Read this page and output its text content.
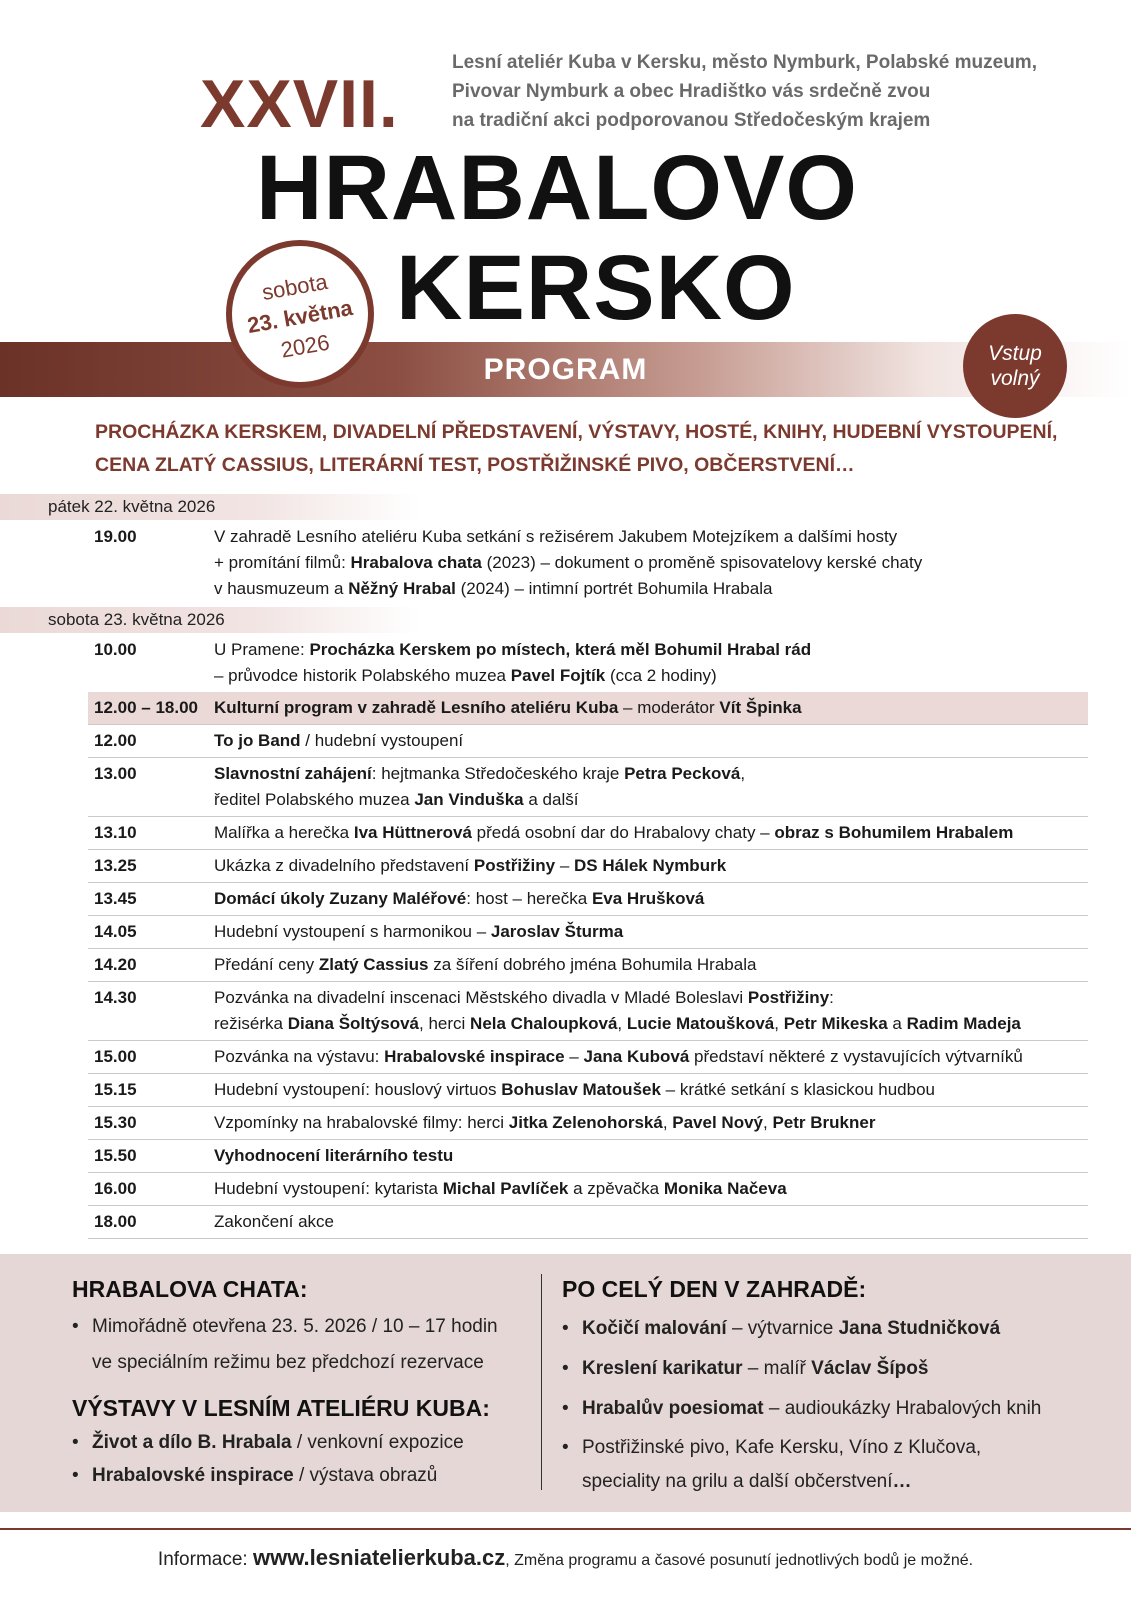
Lesní ateliér Kuba v Kersku, město Nymburk, Polabské muzeum,
Pivovar Nymburk a obec Hradištko vás srdečně zvou
na tradiční akci podporovanou Středočeským krajem
XXVII.
HRABALOVO
KERSKO
PROGRAM
sobota
23. května
2026	Vstup
volný
PROCHÁZKA KERSKEM, DIVADELNÍ PŘEDSTAVENÍ, VÝSTAVY, HOSTÉ, KNIHY, HUDEBNÍ VYSTOUPENÍ,
CENA ZLATÝ CASSIUS, LITERÁRNÍ TEST, POSTŘIŽINSKÉ PIVO, OBČERSTVENÍ…
pátek 22. května 2026
19.00	V zahradě Lesního ateliéru Kuba setkání s režisérem Jakubem Motejzíkem a dalšími hosty
+ promítání filmů: Hrabalova chata (2023) – dokument o proměně spisovatelovy kerské chaty
v hausmuzeum a Něžný Hrabal (2024) – intimní portrét Bohumila Hrabala
sobota 23. května 2026
10.00	U Pramene: Procházka Kerskem po místech, která měl Bohumil Hrabal rád
– průvodce historik Polabského muzea Pavel Fojtík (cca 2 hodiny)
12.00 – 18.00 Kulturní program v zahradě Lesního ateliéru Kuba – moderátor Vít Špinka
12.00	To jo Band / hudební vystoupení
13.00	Slavnostní zahájení: hejtmanka Středočeského kraje Petra Pecková,
ředitel Polabského muzea Jan Vinduška a další
13.10	Malířka a herečka Iva Hüttnerová předá osobní dar do Hrabalovy chaty – obraz s Bohumilem Hrabalem
13.25	Ukázka z divadelního představení Postřižiny – DS Hálek Nymburk
13.45	Domácí úkoly Zuzany Maléřové: host – herečka Eva Hrušková
14.05	Hudební vystoupení s harmonikou – Jaroslav Šturma
14.20	Předání ceny Zlatý Cassius za šíření dobrého jména Bohumila Hrabala
14.30	Pozvánka na divadelní inscenaci Městského divadla v Mladé Boleslavi Postřižiny:
režisérka Diana Šoltýsová, herci Nela Chaloupková, Lucie Matoušková, Petr Mikeska a Radim Madeja
15.00	Pozvánka na výstavu: Hrabalovské inspirace – Jana Kubová představí některé z vystavujících výtvarníků
15.15	Hudební vystoupení: houslový virtuos Bohuslav Matoušek – krátké setkání s klasickou hudbou
15.30	Vzpomínky na hrabalovské filmy: herci Jitka Zelenohorská, Pavel Nový, Petr Brukner
15.50	Vyhodnocení literárního testu
16.00	Hudební vystoupení: kytarista Michal Pavlíček a zpěvačka Monika Načeva
18.00	Zakončení akce
HRABALOVA CHATA:
• Mimořádně otevřena 23. 5. 2026 / 10 – 17 hodin
ve speciálním režimu bez předchozí rezervace
VÝSTAVY V LESNÍM ATELIÉRU KUBA:
• Život a dílo B. Hrabala / venkovní expozice
• Hrabalovské inspirace / výstava obrazů
PO CELÝ DEN V ZAHRADĚ:
• Kočičí malování – výtvarnice Jana Studničková
• Kreslení karikatur – malíř Václav Šípoš
• Hrabalův poesiomat – audioukázky Hrabalových knih
• Postřižinské pivo, Kafe Kersku, Víno z Klučova,
speciality na grilu a další občerstvení…
Informace: www.lesniatelierkuba.cz, Změna programu a časové posunutí jednotlivých bodů je možné.
